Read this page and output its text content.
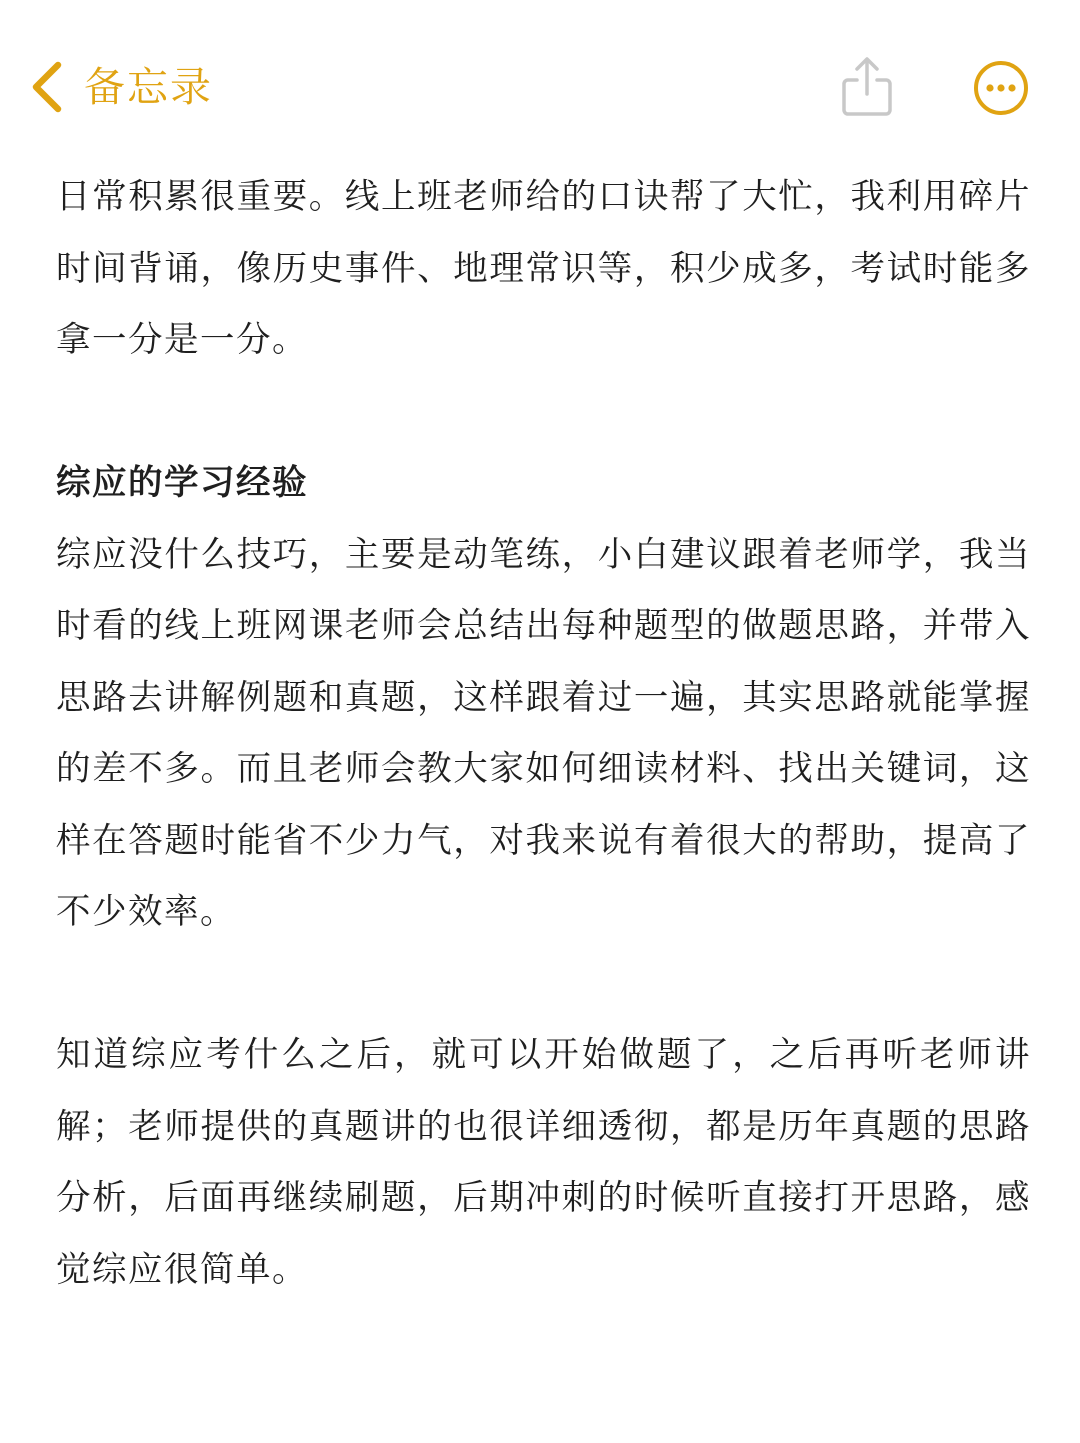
备忘录

日常积累很重要。线上班老师给的口诀帮了大忙，我利用碎片时间背诵，像历史事件、地理常识等，积少成多，考试时能多拿一分是一分。

综应的学习经验

综应没什么技巧，主要是动笔练，小白建议跟着老师学，我当时看的线上班网课老师会总结出每种题型的做题思路，并带入思路去讲解例题和真题，这样跟着过一遍，其实思路就能掌握的差不多。而且老师会教大家如何细读材料、找出关键词，这样在答题时能省不少力气，对我来说有着很大的帮助，提高了不少效率。

知道综应考什么之后，就可以开始做题了，之后再听老师讲解；老师提供的真题讲的也很详细透彻，都是历年真题的思路分析，后面再继续刷题，后期冲刺的时候听直接打开思路，感觉综应很简单。
